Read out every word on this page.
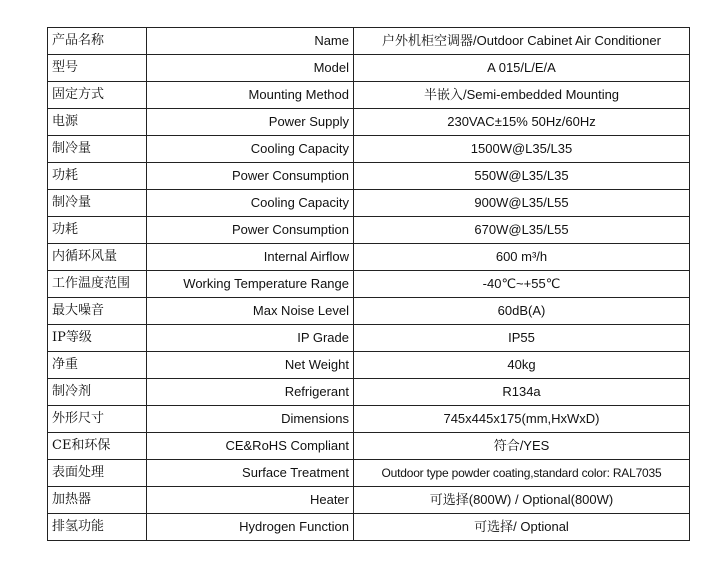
产品名称	Name	户外机柜空调器/Outdoor Cabinet Air Conditioner
型号	Model	A 015/L/E/A
固定方式	Mounting Method	半嵌入/Semi-embedded Mounting
电源	Power Supply	230VAC±15% 50Hz/60Hz
制冷量	Cooling Capacity	1500W@L35/L35
功耗	Power Consumption	550W@L35/L35
制冷量	Cooling Capacity	900W@L35/L55
功耗	Power Consumption	670W@L35/L55
内循环风量	Internal Airflow	600 m³/h
工作温度范围	Working Temperature Range	-40℃~+55℃
最大噪音	Max Noise Level	60dB(A)
IP等级	IP Grade	IP55
净重	Net Weight	40kg
制冷剂	Refrigerant	R134a
外形尺寸	Dimensions	745x445x175(mm,HxWxD)
CE和环保	CE&RoHS Compliant	符合/YES
表面处理	Surface Treatment	Outdoor type powder coating,standard color: RAL7035
加热器	Heater	可选择(800W) / Optional(800W)
排氢功能	Hydrogen Function	可选择/ Optional
